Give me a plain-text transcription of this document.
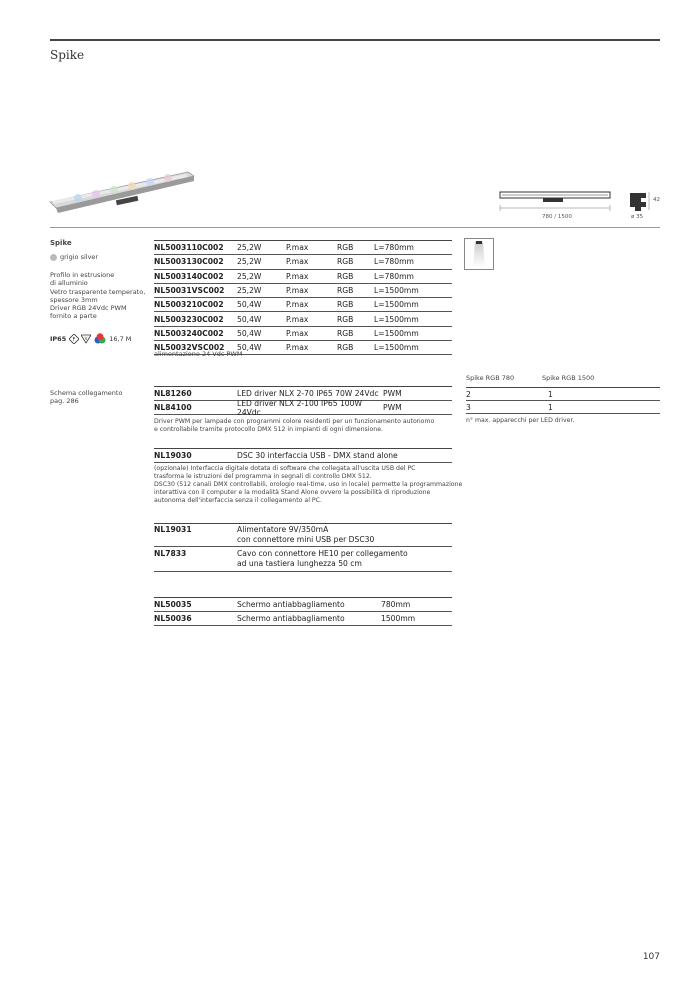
Spike
780 / 1500
42
ø 35
Spike
grigio silver
Profilo in estrusione
di alluminio
Vetro trasparente temperato,
spessore 3mm
Driver RGB 24Vdc PWM
fornito a parte
IP65 F V	16,7 M
Schema collegamento
pag. 286
NL5003110C002	25,2W	P.max	RGB	L=780mm
NL5003130C002	25,2W	P.max	RGB	L=780mm
NL5003140C002	25,2W	P.max	RGB	L=780mm
NL50031VSC002	25,2W	P.max	RGB	L=1500mm
NL5003210C002	50,4W	P.max	RGB	L=1500mm
NL5003230C002	50,4W	P.max	RGB	L=1500mm
NL5003240C002	50,4W	P.max	RGB	L=1500mm
NL50032VSC002	50,4W	P.max	RGB	L=1500mm
alimentazione 24 Vdc PWM
NL81260	LED driver NLX 2-70 IP65 70W 24Vdc PWM
NL84100	LED driver NLX 2-100 IP65 100W 24Vdc	PWM
Driver PWM per lampade con programmi colore residenti per un funzionamento autonomo
e controllabile tramite protocollo DMX 512 in impianti di ogni dimensione.
NL19030	DSC 30 interfaccia USB - DMX stand alone
(opzionale) Interfaccia digitale dotata di software che collegata all'uscita USB del PC
trasforma le istruzioni del programma in segnali di controllo DMX 512.
DSC30 (512 canali DMX controllabili, orologio real-time, uso in locale) permette la programmazione
interattiva con il computer e la modalità Stand Alone ovvero la possibilità di riproduzione
autonoma dell'interfaccia senza il collegamento al PC.
NL19031	Alimentatore 9V/350mA
con connettore mini USB per DSC30
NL7833	Cavo con connettore HE10 per collegamento
ad una tastiera lunghezza 50 cm
NL50035	Schermo antiabbagliamento	780mm
NL50036	Schermo antiabbagliamento	1500mm
Spike RGB 780	Spike RGB 1500
2	1
3	1
n° max. apparecchi per LED driver.
107
